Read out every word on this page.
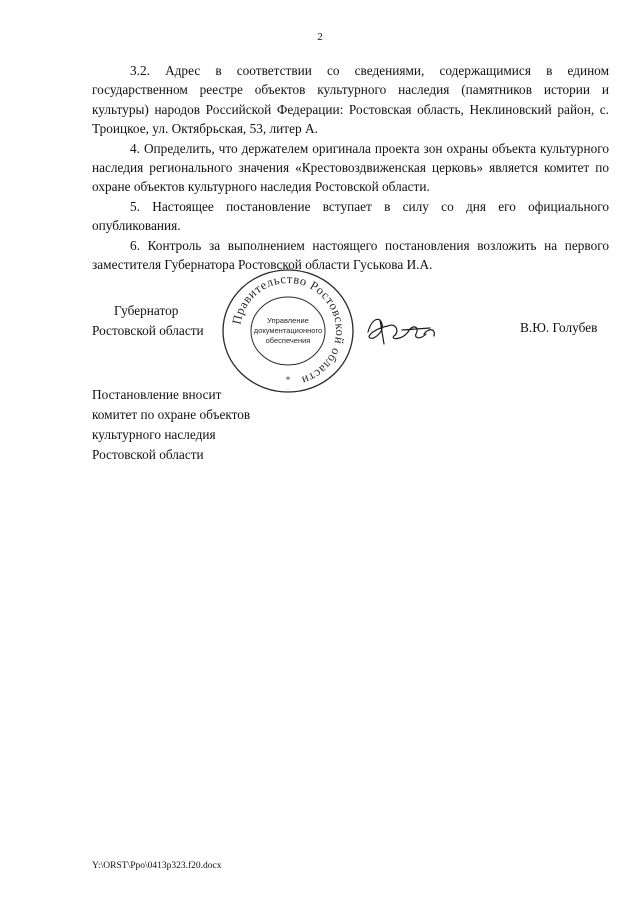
2

3.2. Адрес в соответствии со сведениями, содержащимися в едином государственном реестре объектов культурного наследия (памятников истории и культуры) народов Российской Федерации: Ростовская область, Неклиновский район, с. Троицкое, ул. Октябрьская, 53, литер А.

4. Определить, что держателем оригинала проекта зон охраны объекта культурного наследия регионального значения «Крестовоздвиженская церковь» является комитет по охране объектов культурного наследия Ростовской области.

5. Настоящее постановление вступает в силу со дня его официального опубликования.

6. Контроль за выполнением настоящего постановления возложить на первого заместителя Губернатора Ростовской области Гуськова И.А.

Губернатор
Ростовской области
Правительство Ростовской области
Управление
документационного
обеспечения
*
В.Ю. Голубев
Постановление вносит
комитет по охране объектов
культурного наследия
Ростовской области
Y:\ORST\Ppo\0413p323.f20.docx
